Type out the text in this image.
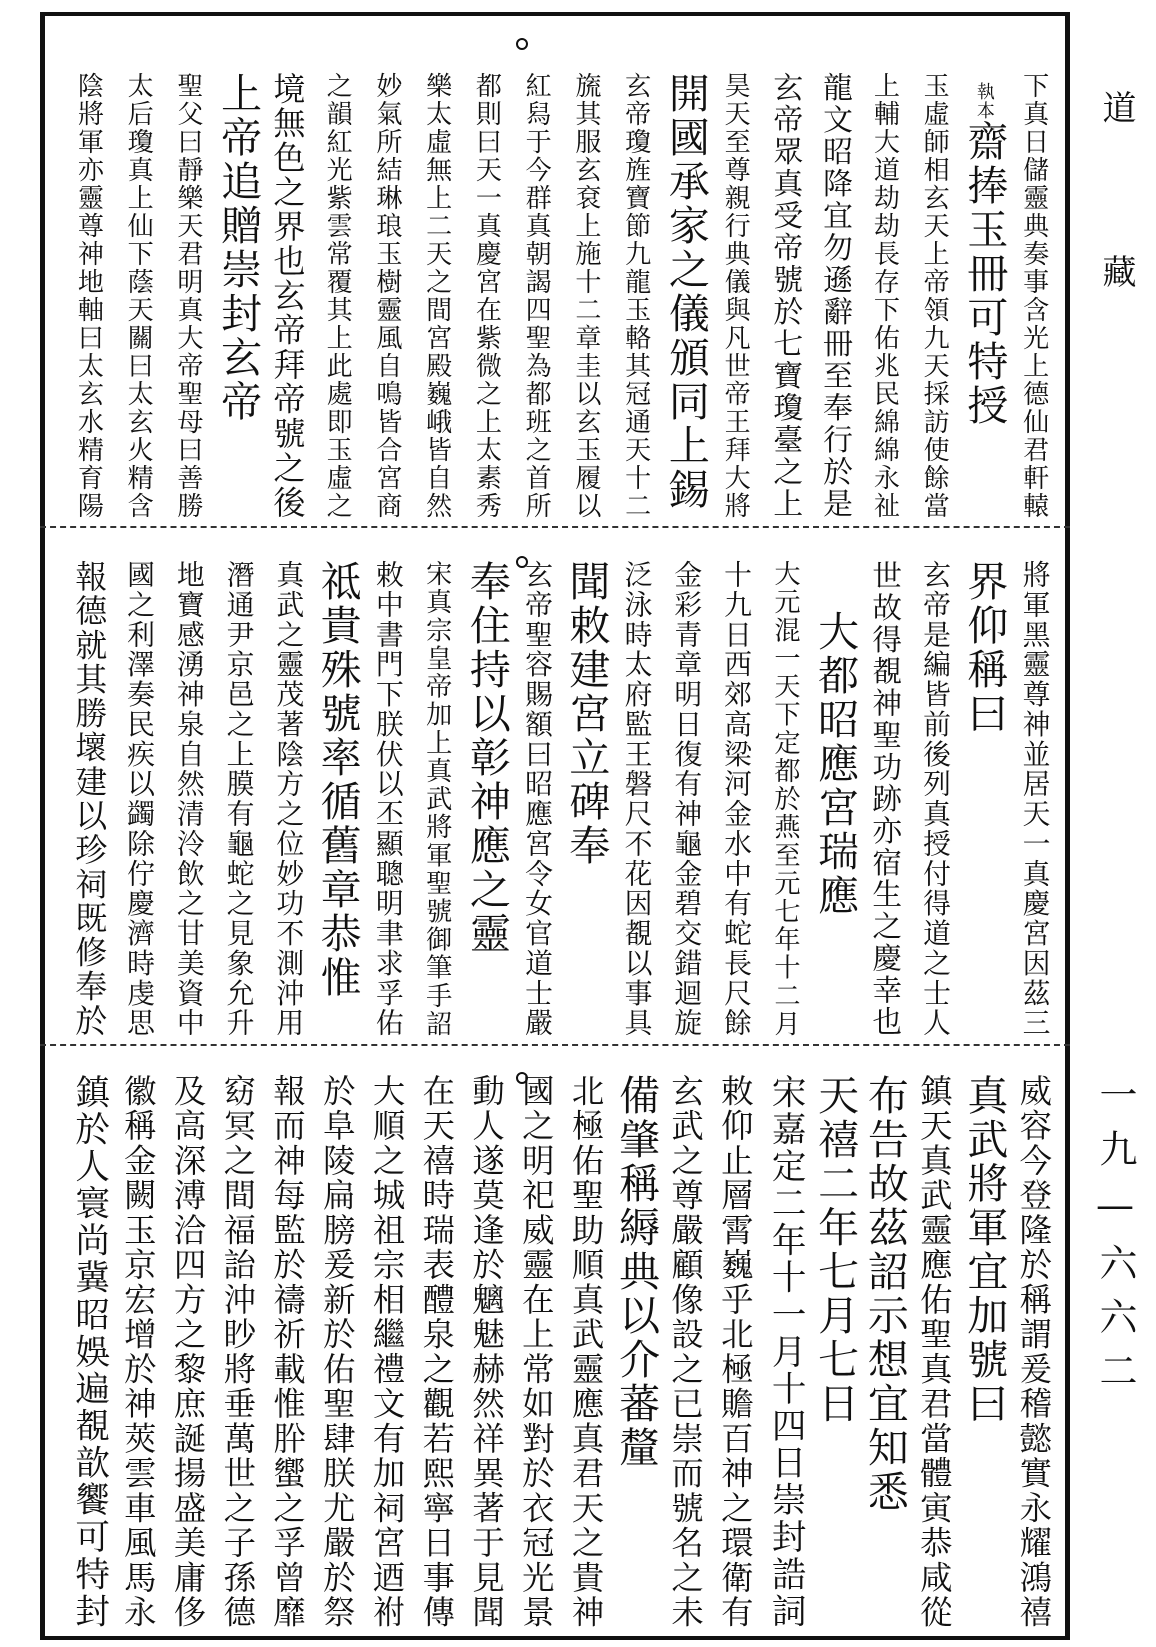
道藏
一九—六六二
下真日儲靈典奏事含光上德仙君軒轅
執本
齋捧玉冊可特授
玉虛師相玄天上帝領九天採訪使餘當
上輔大道劫劫長存下佑兆民綿綿永祉
龍文昭降宜勿遜辭冊至奉行於是
玄帝眾真受帝號於七寶瓊臺之上
昊天至尊親行典儀與凡世帝王拜大將
開國承家之儀頒同上錫
玄帝瓊旌寶節九龍玉輅其冠通天十二
旒其服玄袞上施十二章圭以玄玉履以
紅舄于今群真朝謁四聖為都班之首所
都則曰天一真慶宮在紫微之上太素秀
樂太虛無上二天之間宮殿巍峨皆自然
妙氣所結琳琅玉樹靈風自鳴皆合宮商
之韻紅光紫雲常覆其上此處即玉虛之
境無色之界也玄帝拜帝號之後
上帝追贈崇封玄帝
聖父曰靜樂天君明真大帝聖母曰善勝
太后瓊真上仙下蔭天關曰太玄火精含
陰將軍亦靈尊神地軸曰太玄水精育陽
將軍黑靈尊神並居天一真慶宮因茲三
界仰稱曰
玄帝是編皆前後列真授付得道之士人
世故得覩神聖功跡亦宿生之慶幸也
大都昭應宮瑞應
大元混一天下定都於燕至元七年十二月
十九日西郊高梁河金水中有蛇長尺餘
金彩青章明日復有神龜金碧交錯迴旋
泛泳時太府監王磐尺不花因覩以事具
聞敕建宮立碑奉
玄帝聖容賜額曰昭應宮令女官道士嚴
奉住持以彰神應之靈
宋真宗皇帝加上真武將軍聖號御筆手詔
敕中書門下朕伏以丕顯聰明聿求孚佑
祗貴殊號率循舊章恭惟
真武之靈茂著陰方之位妙功不測沖用
潛通尹京邑之上膜有龜蛇之見象允升
地寶感湧神泉自然清泠飲之甘美資中
國之利澤奏民疾以蠲除佇慶濟時虔思
報德就其勝壞建以珍祠既修奉於
威容今登隆於稱謂爰稽懿實永耀鴻禧
真武將軍宜加號曰
鎮天真武靈應佑聖真君當體寅恭咸從
布告故茲詔示想宜知悉
天禧二年七月七日
宋嘉定二年十一月十四日崇封誥詞
敕仰止層霄巍乎北極贍百神之環衛有
玄武之尊嚴顧像設之已崇而號名之未
備肇稱縟典以介蕃釐
北極佑聖助順真武靈應真君天之貴神
國之明祀威靈在上常如對於衣冠光景
動人遂莫逢於魑魅赫然祥異著于見聞
在天禧時瑞表醴泉之觀若熙寧日事傳
大順之城祖宗相繼禮文有加祠宮迺祔
於阜陵扁膀爰新於佑聖肆朕尤嚴於祭
報而神每監於禱祈載惟肸蠁之孚曾靡
窈冥之間福詒沖眇將垂萬世之子孫德
及高深溥洽四方之黎庶誕揚盛美庸侈
徽稱金闕玉京宏增於神莢雲車風馬永
鎮於人寰尚冀昭娛遍覩歆饗可特封
